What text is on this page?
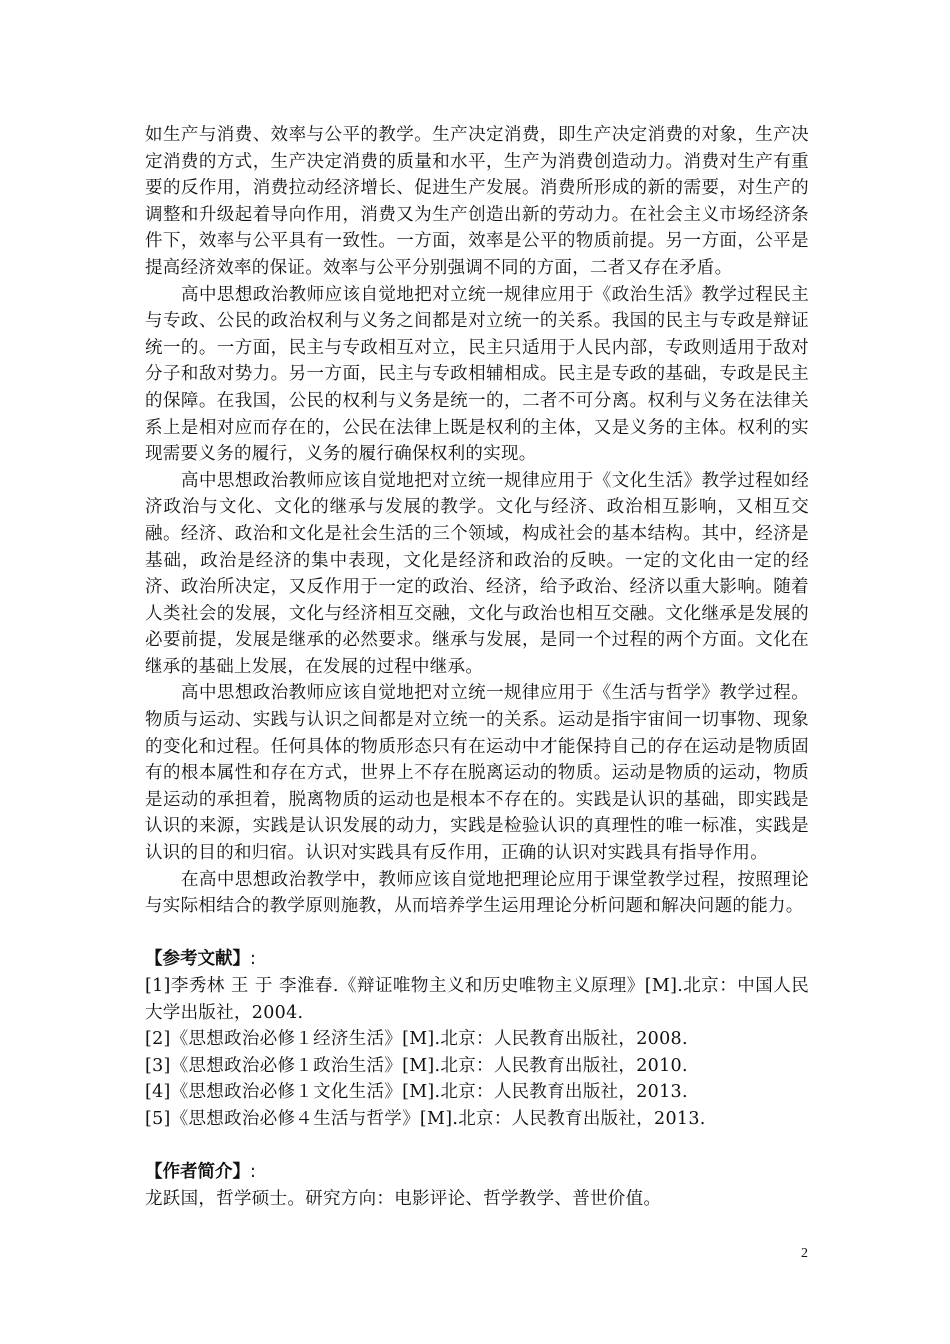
如生产与消费、效率与公平的教学。生产决定消费，即生产决定消费的对象，生产决定消费的方式，生产决定消费的质量和水平，生产为消费创造动力。消费对生产有重要的反作用，消费拉动经济增长、促进生产发展。消费所形成的新的需要，对生产的调整和升级起着导向作用，消费又为生产创造出新的劳动力。在社会主义市场经济条件下，效率与公平具有一致性。一方面，效率是公平的物质前提。另一方面，公平是提高经济效率的保证。效率与公平分别强调不同的方面，二者又存在矛盾。

高中思想政治教师应该自觉地把对立统一规律应用于《政治生活》教学过程民主与专政、公民的政治权利与义务之间都是对立统一的关系。我国的民主与专政是辩证统一的。一方面，民主与专政相互对立，民主只适用于人民内部，专政则适用于敌对分子和敌对势力。另一方面，民主与专政相辅相成。民主是专政的基础，专政是民主的保障。在我国，公民的权利与义务是统一的，二者不可分离。权利与义务在法律关系上是相对应而存在的，公民在法律上既是权利的主体，又是义务的主体。权利的实现需要义务的履行，义务的履行确保权利的实现。

高中思想政治教师应该自觉地把对立统一规律应用于《文化生活》教学过程如经济政治与文化、文化的继承与发展的教学。文化与经济、政治相互影响，又相互交融。经济、政治和文化是社会生活的三个领域，构成社会的基本结构。其中，经济是基础，政治是经济的集中表现，文化是经济和政治的反映。一定的文化由一定的经济、政治所决定，又反作用于一定的政治、经济，给予政治、经济以重大影响。随着人类社会的发展，文化与经济相互交融，文化与政治也相互交融。文化继承是发展的必要前提，发展是继承的必然要求。继承与发展，是同一个过程的两个方面。文化在继承的基础上发展，在发展的过程中继承。

高中思想政治教师应该自觉地把对立统一规律应用于《生活与哲学》教学过程。物质与运动、实践与认识之间都是对立统一的关系。运动是指宇宙间一切事物、现象的变化和过程。任何具体的物质形态只有在运动中才能保持自己的存在运动是物质固有的根本属性和存在方式，世界上不存在脱离运动的物质。运动是物质的运动，物质是运动的承担着，脱离物质的运动也是根本不存在的。实践是认识的基础，即实践是认识的来源，实践是认识发展的动力，实践是检验认识的真理性的唯一标准，实践是认识的目的和归宿。认识对实践具有反作用，正确的认识对实践具有指导作用。

在高中思想政治教学中，教师应该自觉地把理论应用于课堂教学过程，按照理论与实际相结合的教学原则施教，从而培养学生运用理论分析问题和解决问题的能力。

【参考文献】:
[1]李秀林 王 于 李淮春.《辩证唯物主义和历史唯物主义原理》[M].北京：中国人民大学出版社，2004.
[2]《思想政治必修１经济生活》[M].北京：人民教育出版社，2008.
[3]《思想政治必修１政治生活》[M].北京：人民教育出版社，2010.
[4]《思想政治必修１文化生活》[M].北京：人民教育出版社，2013.
[5]《思想政治必修４生活与哲学》[M].北京：人民教育出版社，2013.
【作者简介】:

龙跃国，哲学硕士。研究方向：电影评论、哲学教学、普世价值。

2
